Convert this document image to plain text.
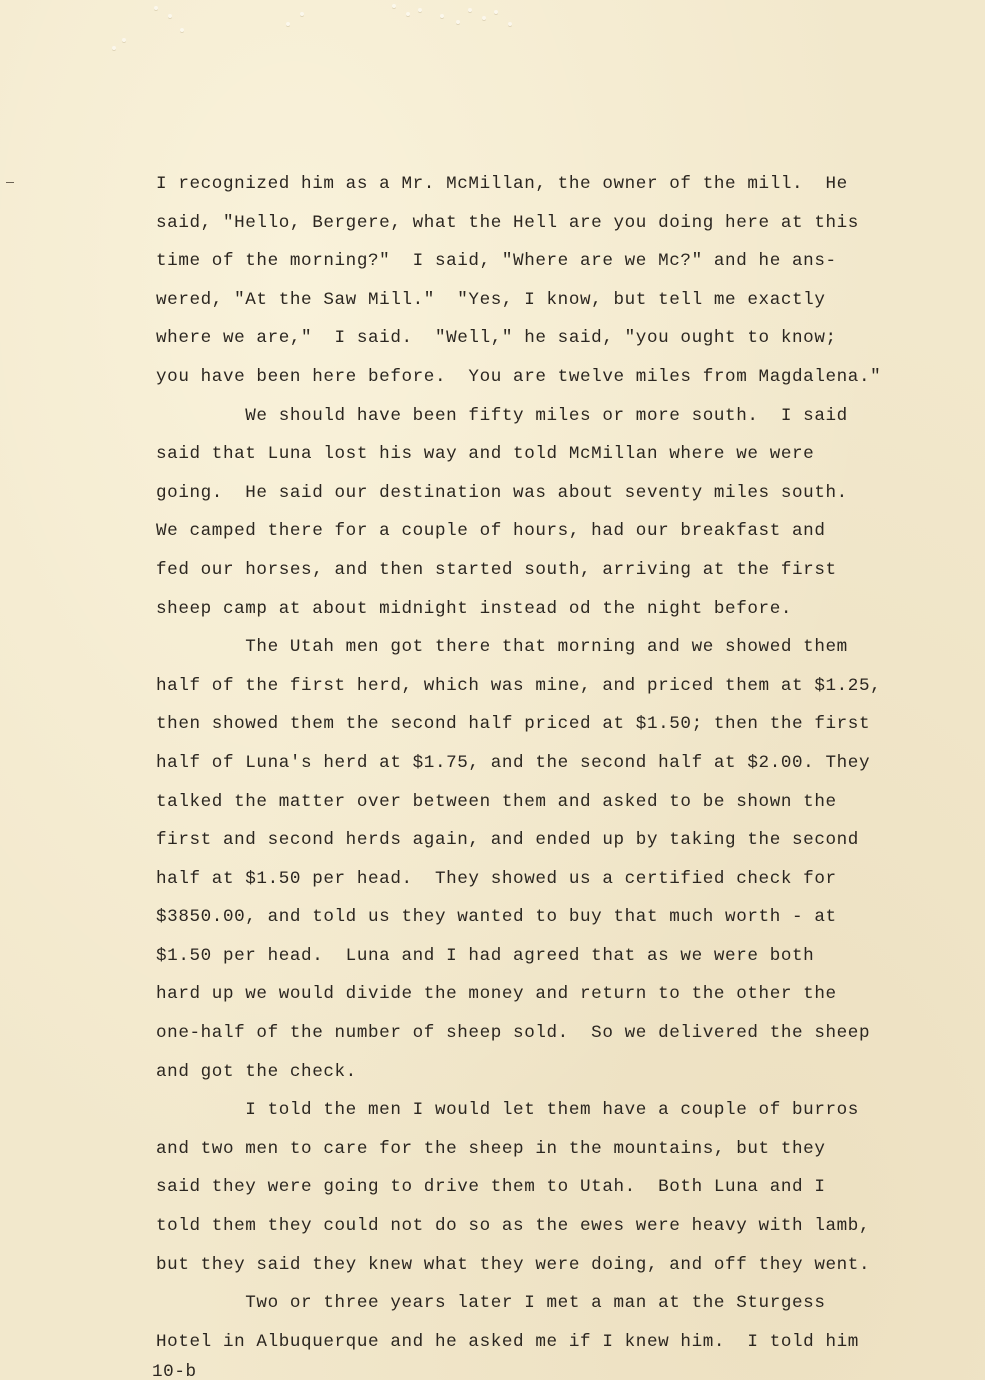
I recognized him as a Mr. McMillan, the owner of the mill.  He
said, "Hello, Bergere, what the Hell are you doing here at this
time of the morning?"  I said, "Where are we Mc?" and he ans-
wered, "At the Saw Mill."  "Yes, I know, but tell me exactly
where we are,"  I said.  "Well," he said, "you ought to know;
you have been here before.  You are twelve miles from Magdalena."
We should have been fifty miles or more south.  I said
said that Luna lost his way and told McMillan where we were
going.  He said our destination was about seventy miles south.
We camped there for a couple of hours, had our breakfast and
fed our horses, and then started south, arriving at the first
sheep camp at about midnight instead od the night before.
The Utah men got there that morning and we showed them
half of the first herd, which was mine, and priced them at $1.25,
then showed them the second half priced at $1.50; then the first
half of Luna's herd at $1.75, and the second half at $2.00. They
talked the matter over between them and asked to be shown the
first and second herds again, and ended up by taking the second
half at $1.50 per head.  They showed us a certified check for
$3850.00, and told us they wanted to buy that much worth - at
$1.50 per head.  Luna and I had agreed that as we were both
hard up we would divide the money and return to the other the
one-half of the number of sheep sold.  So we delivered the sheep
and got the check.
I told the men I would let them have a couple of burros
and two men to care for the sheep in the mountains, but they
said they were going to drive them to Utah.  Both Luna and I
told them they could not do so as the ewes were heavy with lamb,
but they said they knew what they were doing, and off they went.
Two or three years later I met a man at the Sturgess
Hotel in Albuquerque and he asked me if I knew him.  I told him
10-b
